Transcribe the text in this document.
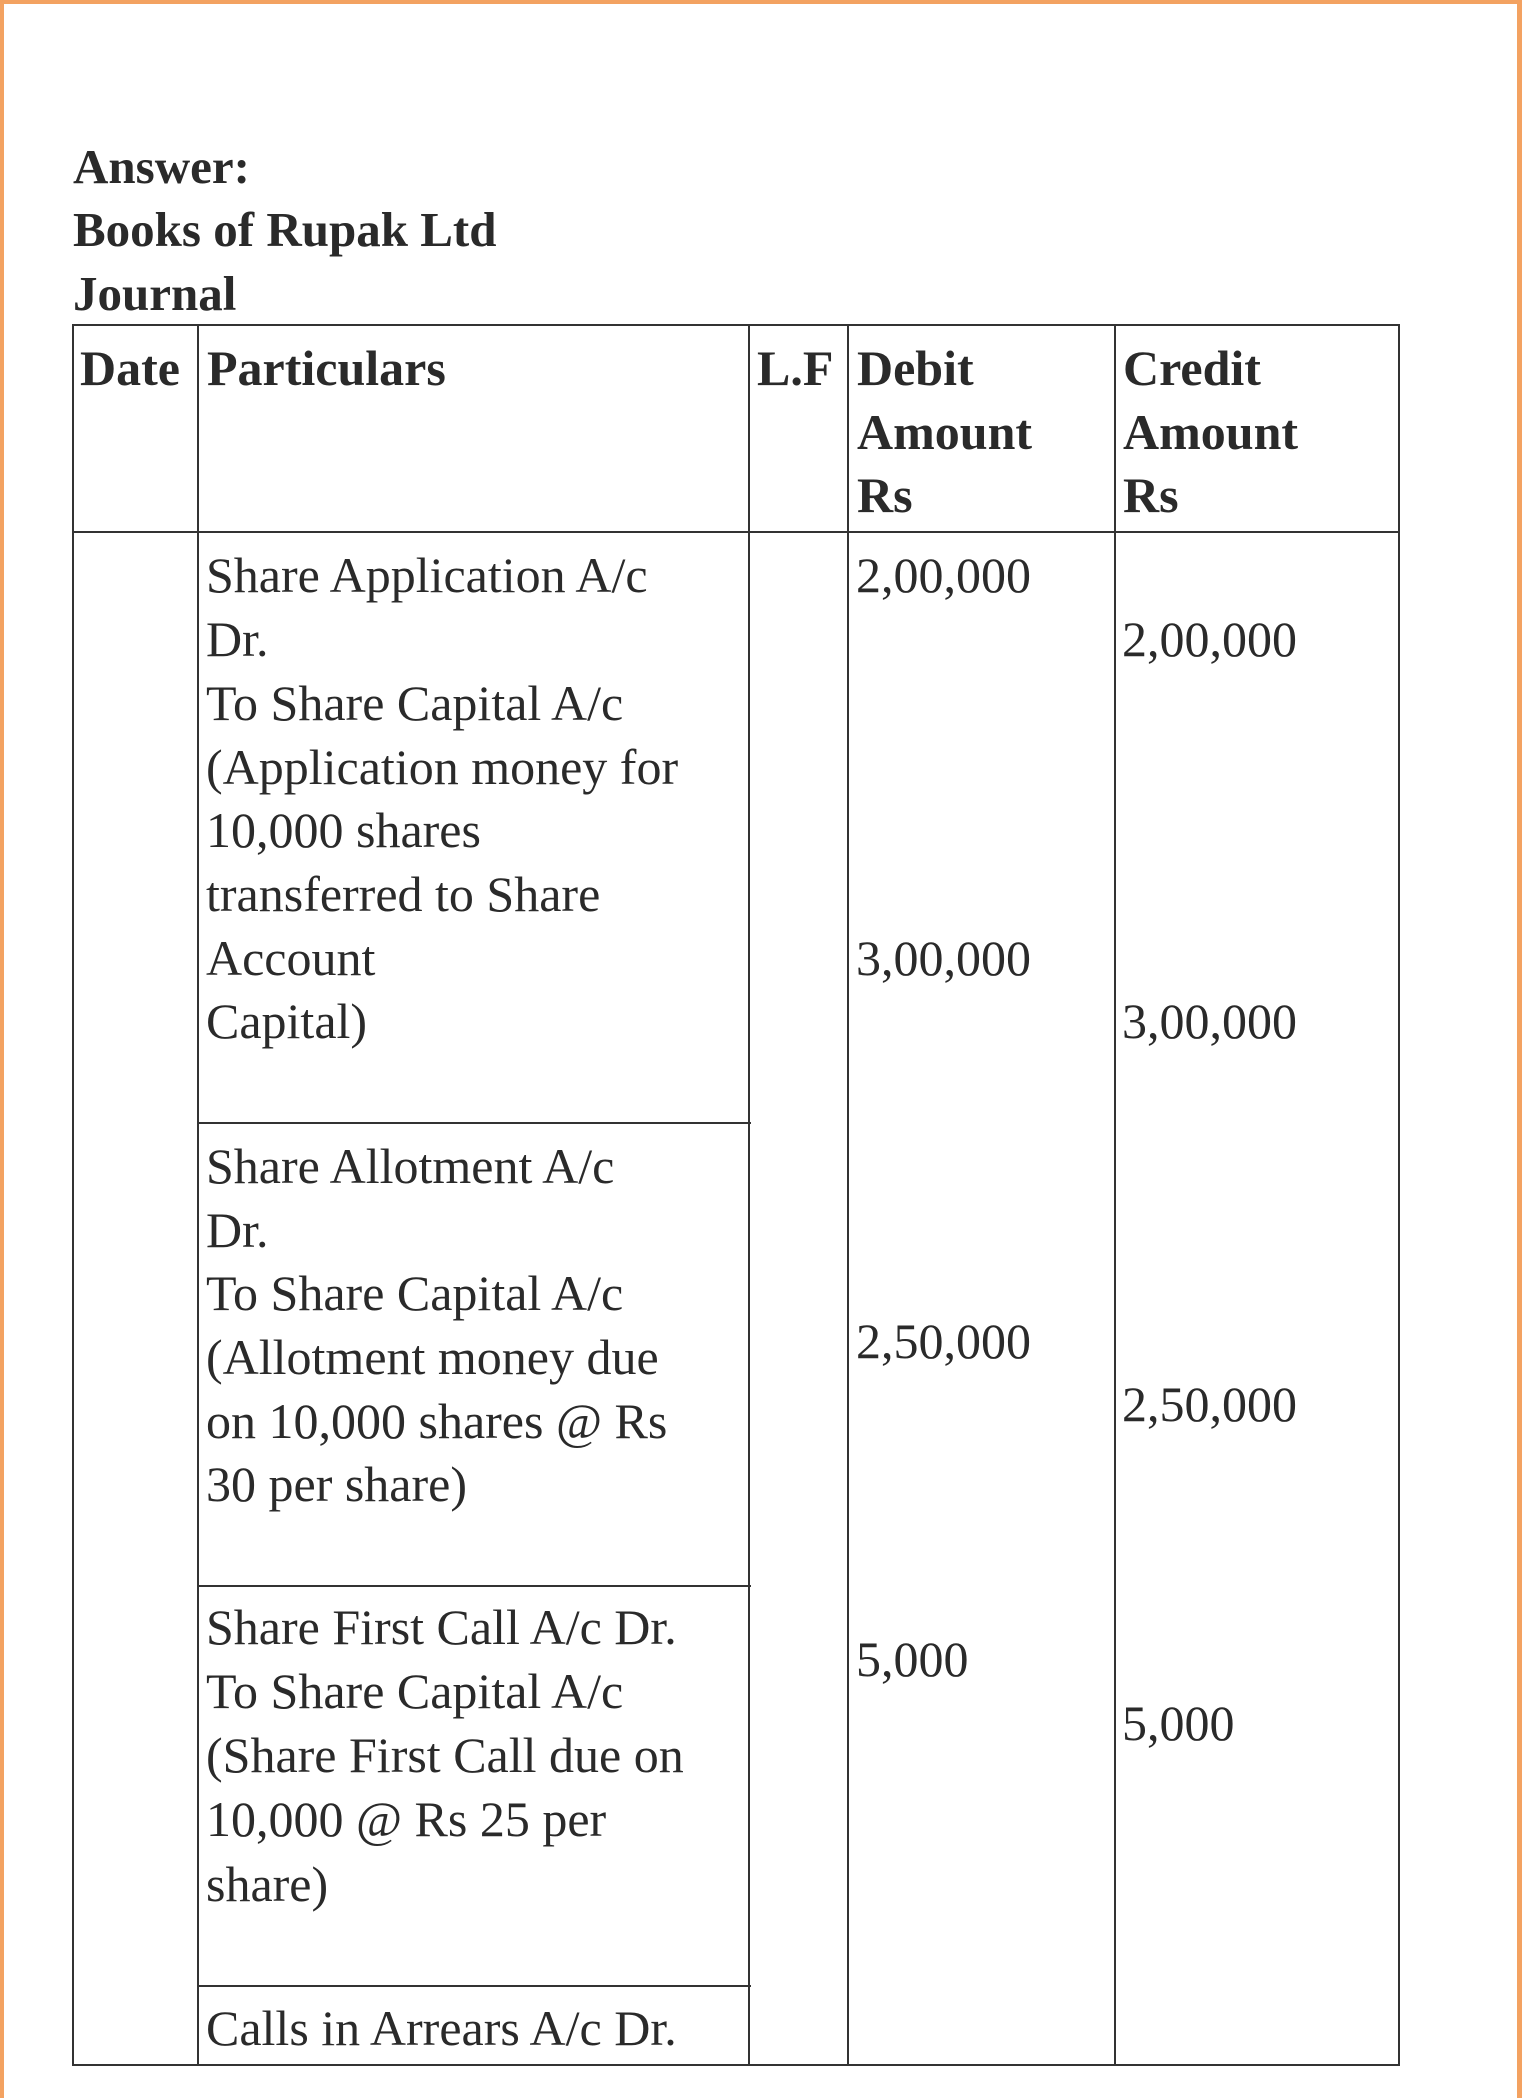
Answer:
Books of Rupak Ltd
Journal
Date Particulars	L.F Debit
Amount
Rs
Credit
Amount
Rs
Share Application A/c
Dr.
To Share Capital A/c
(Application money for
10,000 shares
transferred to Share
Account
Capital)
2,00,000
2,00,000
3,00,000
3,00,000
Share Allotment A/c
Dr.
To Share Capital A/c
(Allotment money due
on 10,000 shares @ Rs
30 per share)
2,50,000
2,50,000
Share First Call A/c Dr.
To Share Capital A/c
(Share First Call due on
10,000 @ Rs 25 per
share)
5,000
5,000
Calls in Arrears A/c Dr.
